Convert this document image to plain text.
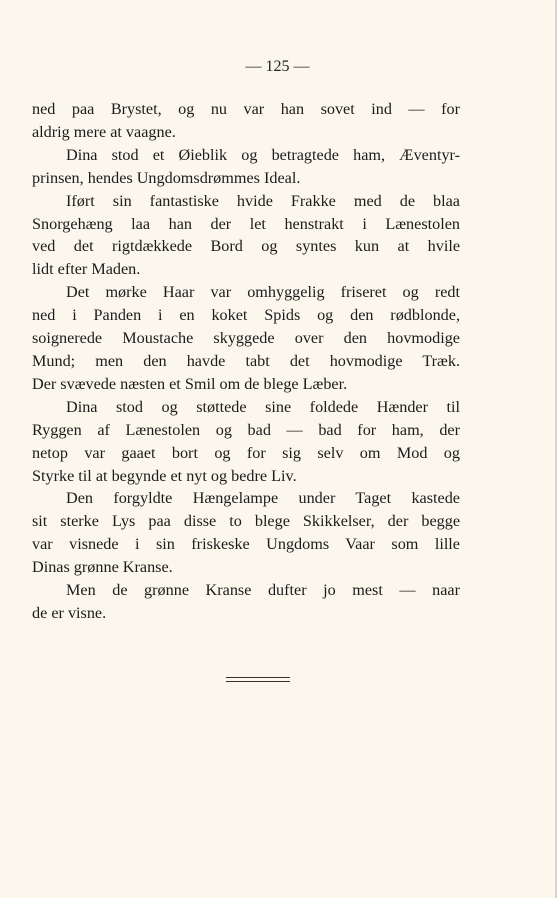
— 125 —
ned paa Brystet, og nu var han sovet ind — for
aldrig mere at vaagne.
Dina stod et Øieblik og betragtede ham, Æventyr-
prinsen, hendes Ungdomsdrømmes Ideal.
Iført sin fantastiske hvide Frakke med de blaa
Snorgehæng laa han der let henstrakt i Lænestolen
ved det rigtdækkede Bord og syntes kun at hvile
lidt efter Maden.
Det mørke Haar var omhyggelig friseret og redt
ned i Panden i en koket Spids og den rødblonde,
soignerede Moustache skyggede over den hovmodige
Mund; men den havde tabt det hovmodige Træk.
Der svævede næsten et Smil om de blege Læber.
Dina stod og støttede sine foldede Hænder til
Ryggen af Lænestolen og bad — bad for ham, der
netop var gaaet bort og for sig selv om Mod og
Styrke til at begynde et nyt og bedre Liv.
Den forgyldte Hængelampe under Taget kastede
sit sterke Lys paa disse to blege Skikkelser, der begge
var visnede i sin friskeske Ungdoms Vaar som lille
Dinas grønne Kranse.
Men de grønne Kranse dufter jo mest — naar
de er visne.
